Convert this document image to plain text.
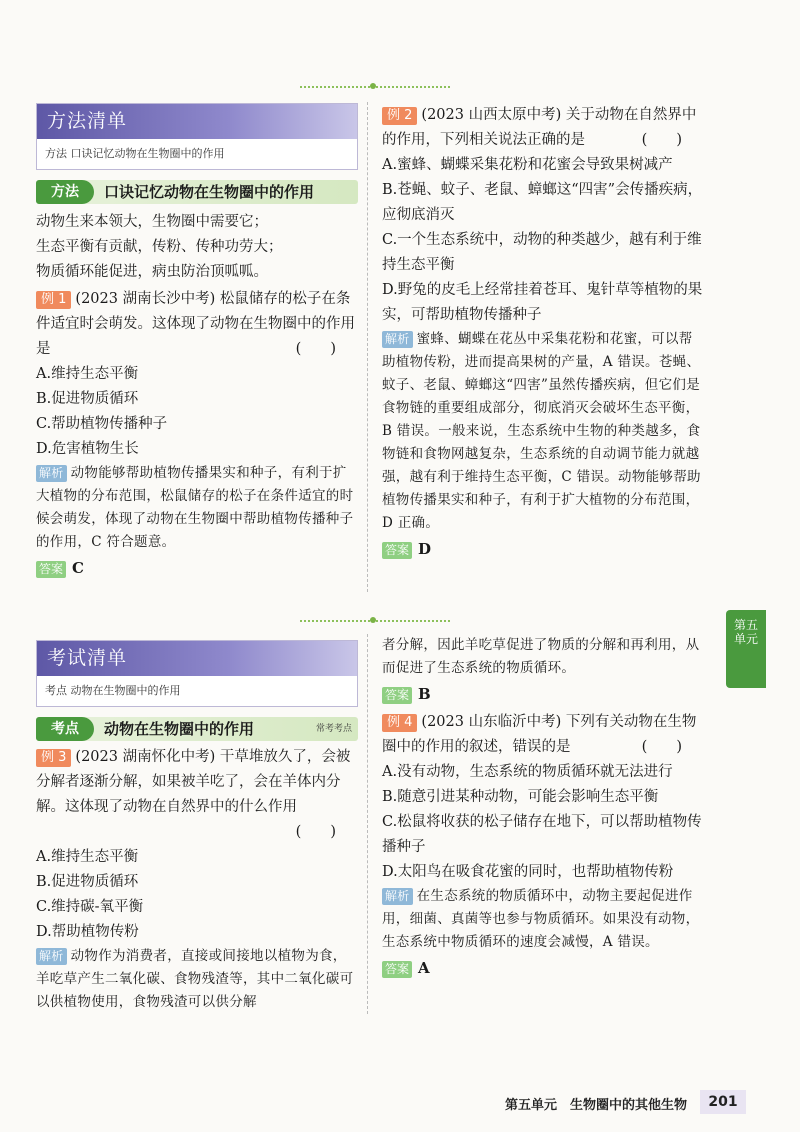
方法清单
方法 口诀记忆动物在生物圈中的作用
方法	口诀记忆动物在生物圈中的作用

动物生来本领大，生物圈中需要它；

生态平衡有贡献，传粉、传种功劳大；

物质循环能促进，病虫防治顶呱呱。

例 1 (2023 湖南长沙中考) 松鼠储存的松子在条件适宜时会萌发。这体现了动物在生物圈中的作用是	(　　)

A.维持生态平衡

B.促进物质循环

C.帮助植物传播种子

D.危害植物生长

解析 动物能够帮助植物传播果实和种子，有利于扩大植物的分布范围，松鼠储存的松子在条件适宜的时候会萌发，体现了动物在生物圈中帮助植物传播种子的作用，C 符合题意。

答案 C

例 2 (2023 山西太原中考) 关于动物在自然界中的作用，下列相关说法正确的是	(　　)

A.蜜蜂、蝴蝶采集花粉和花蜜会导致果树减产

B.苍蝇、蚊子、老鼠、蟑螂这“四害”会传播疾病，应彻底消灭

C.一个生态系统中，动物的种类越少，越有利于维持生态平衡

D.野兔的皮毛上经常挂着苍耳、鬼针草等植物的果实，可帮助植物传播种子

解析 蜜蜂、蝴蝶在花丛中采集花粉和花蜜，可以帮助植物传粉，进而提高果树的产量，A 错误。苍蝇、蚊子、老鼠、蟑螂这“四害”虽然传播疾病，但它们是食物链的重要组成部分，彻底消灭会破坏生态平衡，B 错误。一般来说，生态系统中生物的种类越多，食物链和食物网越复杂，生态系统的自动调节能力就越强，越有利于维持生态平衡，C 错误。动物能够帮助植物传播果实和种子，有利于扩大植物的分布范围，D 正确。

答案 D

考试清单
考点 动物在生物圈中的作用
考点	动物在生物圈中的作用	常考考点

例 3 (2023 湖南怀化中考) 干草堆放久了，会被分解者逐渐分解，如果被羊吃了，会在羊体内分解。这体现了动物在自然界中的什么作用

(　　)

A.维持生态平衡

B.促进物质循环

C.维持碳-氧平衡

D.帮助植物传粉

解析 动物作为消费者，直接或间接地以植物为食，羊吃草产生二氧化碳、食物残渣等，其中二氧化碳可以供植物使用，食物残渣可以供分解

者分解，因此羊吃草促进了物质的分解和再利用，从而促进了生态系统的物质循环。

答案 B

例 4 (2023 山东临沂中考) 下列有关动物在生物圈中的作用的叙述，错误的是	(　　)

A.没有动物，生态系统的物质循环就无法进行

B.随意引进某种动物，可能会影响生态平衡

C.松鼠将收获的松子储存在地下，可以帮助植物传播种子

D.太阳鸟在吸食花蜜的同时，也帮助植物传粉

解析 在生态系统的物质循环中，动物主要起促进作用，细菌、真菌等也参与物质循环。如果没有动物，生态系统中物质循环的速度会减慢，A 错误。

答案 A

第五单元
第五单元　生物圈中的其他生物	201
